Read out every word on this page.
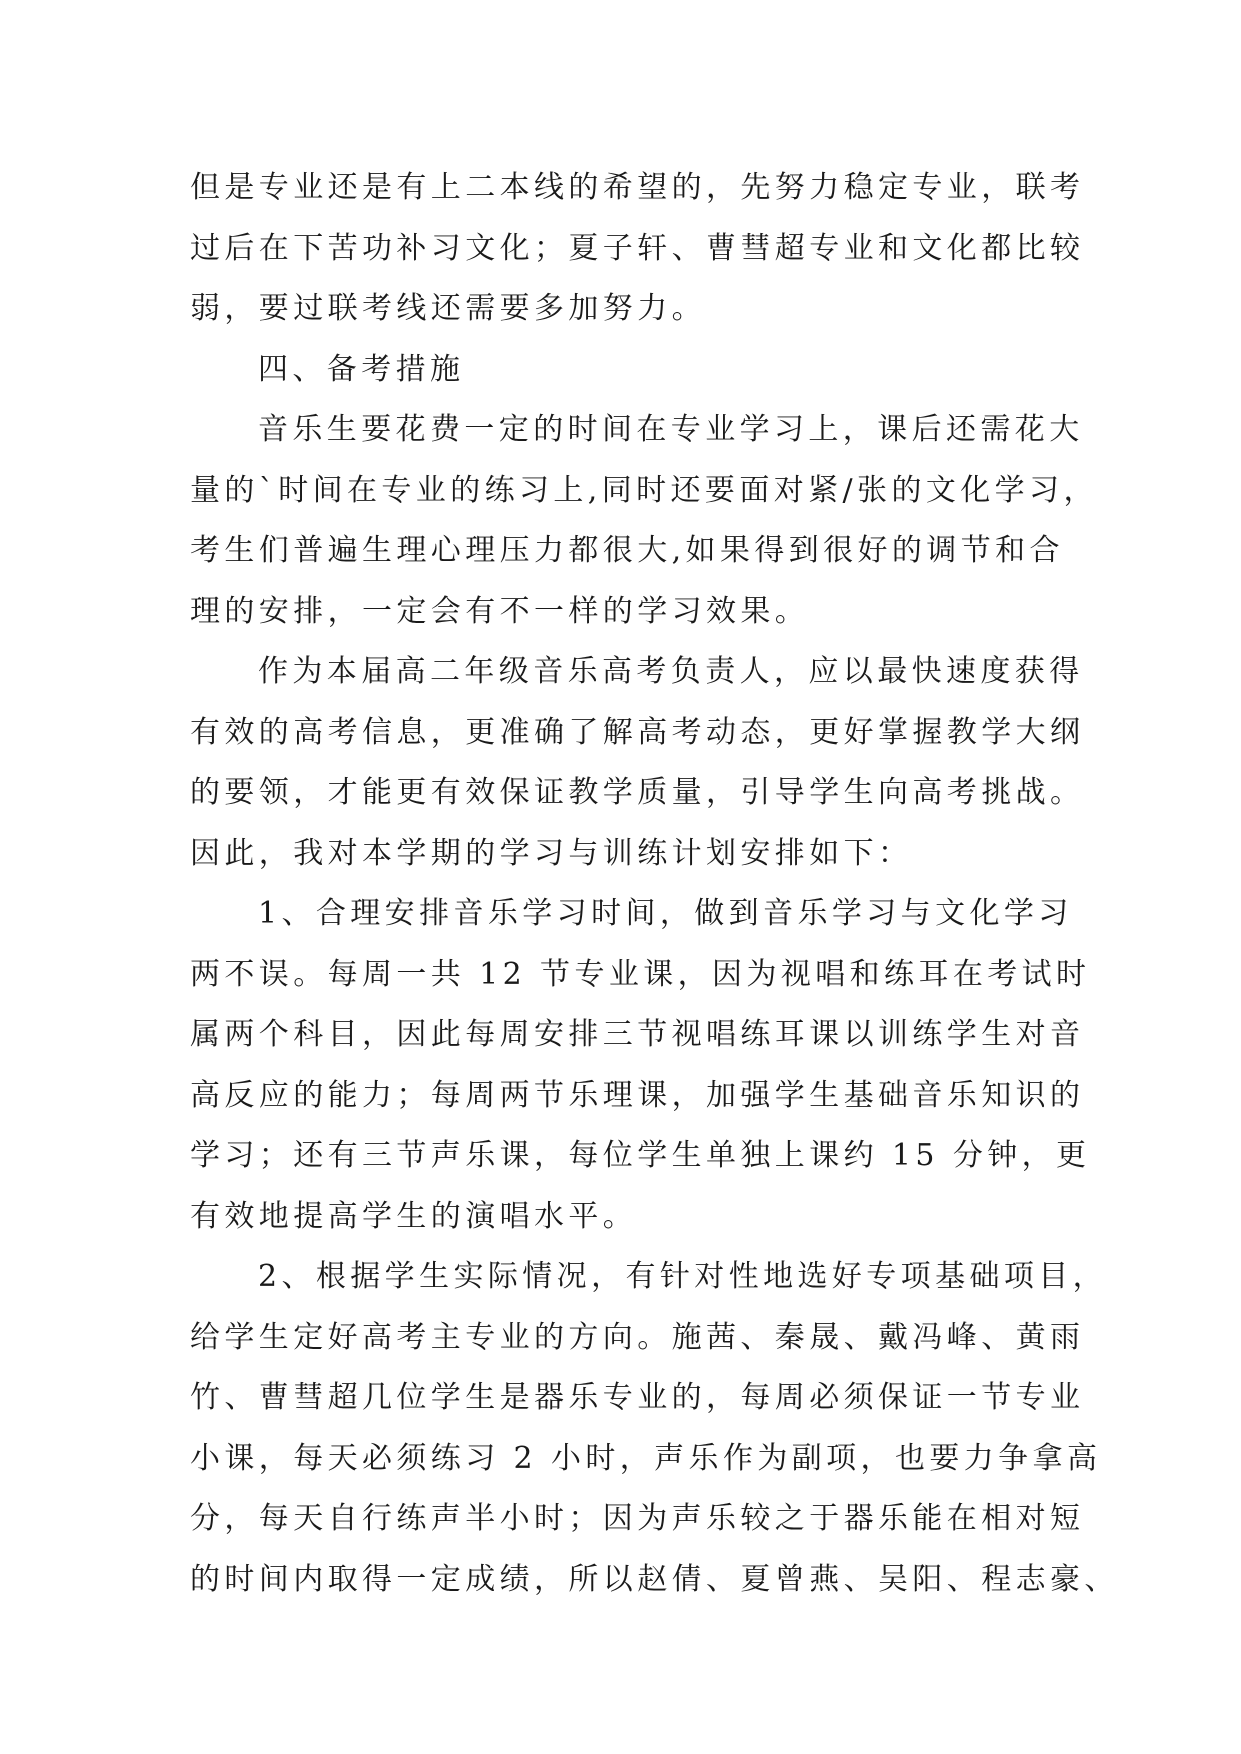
但是专业还是有上二本线的希望的，先努力稳定专业，联考
过后在下苦功补习文化；夏子轩、曹彗超专业和文化都比较
弱，要过联考线还需要多加努力。
四、备考措施
音乐生要花费一定的时间在专业学习上，课后还需花大
量的`时间在专业的练习上,同时还要面对紧/张的文化学习，
考生们普遍生理心理压力都很大,如果得到很好的调节和合
理的安排，一定会有不一样的学习效果。
作为本届高二年级音乐高考负责人，应以最快速度获得
有效的高考信息，更准确了解高考动态，更好掌握教学大纲
的要领，才能更有效保证教学质量，引导学生向高考挑战。
因此，我对本学期的学习与训练计划安排如下：
1、合理安排音乐学习时间，做到音乐学习与文化学习
两不误。每周一共 12 节专业课，因为视唱和练耳在考试时
属两个科目，因此每周安排三节视唱练耳课以训练学生对音
高反应的能力；每周两节乐理课，加强学生基础音乐知识的
学习；还有三节声乐课，每位学生单独上课约 15 分钟，更
有效地提高学生的演唱水平。
2、根据学生实际情况，有针对性地选好专项基础项目，
给学生定好高考主专业的方向。施茜、秦晟、戴冯峰、黄雨
竹、曹彗超几位学生是器乐专业的，每周必须保证一节专业
小课，每天必须练习 2 小时，声乐作为副项，也要力争拿高
分，每天自行练声半小时；因为声乐较之于器乐能在相对短
的时间内取得一定成绩，所以赵倩、夏曾燕、吴阳、程志豪、
